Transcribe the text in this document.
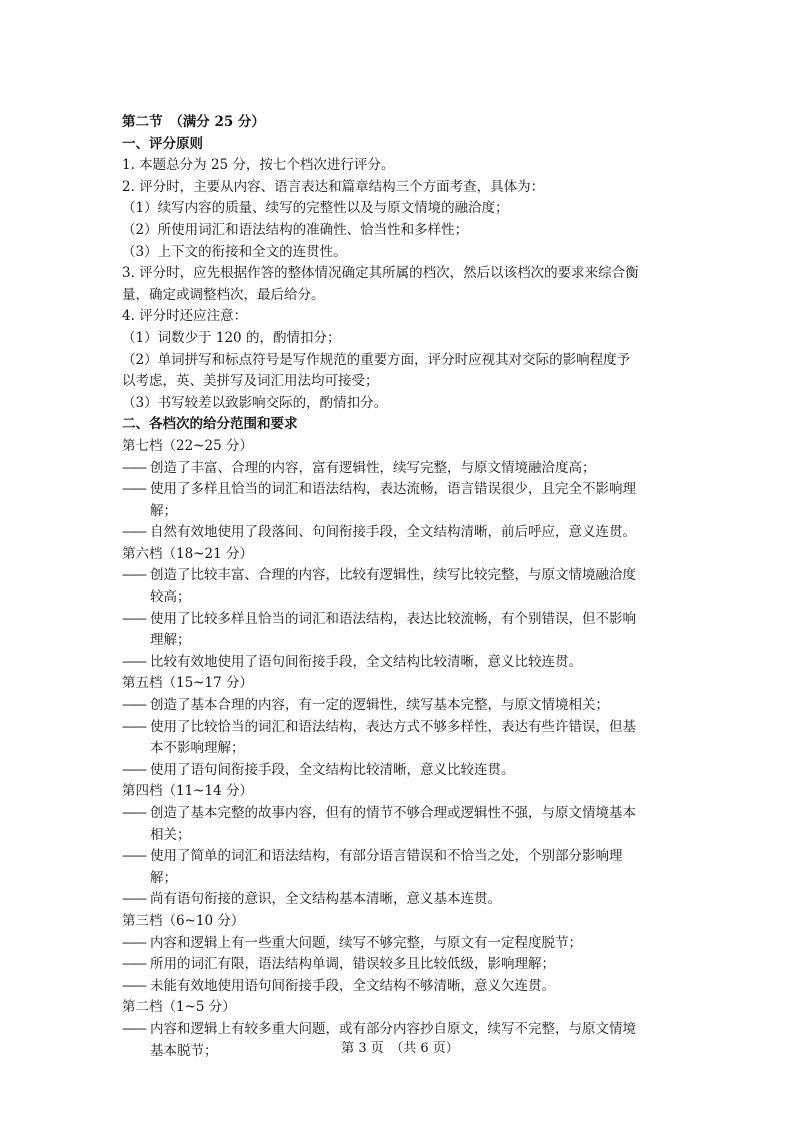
第二节　（满分 25 分）
一、评分原则
1. 本题总分为 25 分，按七个档次进行评分。
2. 评分时，主要从内容、语言表达和篇章结构三个方面考查，具体为：
（1）续写内容的质量、续写的完整性以及与原文情境的融洽度；
（2）所使用词汇和语法结构的准确性、恰当性和多样性；
（3）上下文的衔接和全文的连贯性。
3. 评分时，应先根据作答的整体情况确定其所属的档次，然后以该档次的要求来综合衡量，确定或调整档次，最后给分。
4. 评分时还应注意：
（1）词数少于 120 的，酌情扣分；
（2）单词拼写和标点符号是写作规范的重要方面，评分时应视其对交际的影响程度予以考虑，英、美拼写及词汇用法均可接受；
（3）书写较差以致影响交际的，酌情扣分。
二、各档次的给分范围和要求
第七档（22~25 分）
—— 创造了丰富、合理的内容，富有逻辑性，续写完整，与原文情境融洽度高；
—— 使用了多样且恰当的词汇和语法结构，表达流畅，语言错误很少，且完全不影响理解；
—— 自然有效地使用了段落间、句间衔接手段，全文结构清晰，前后呼应，意义连贯。
第六档（18~21 分）
—— 创造了比较丰富、合理的内容，比较有逻辑性，续写比较完整，与原文情境融洽度较高；
—— 使用了比较多样且恰当的词汇和语法结构，表达比较流畅，有个别错误，但不影响理解；
—— 比较有效地使用了语句间衔接手段，全文结构比较清晰，意义比较连贯。
第五档（15~17 分）
—— 创造了基本合理的内容，有一定的逻辑性，续写基本完整，与原文情境相关；
—— 使用了比较恰当的词汇和语法结构，表达方式不够多样性，表达有些许错误，但基本不影响理解；
—— 使用了语句间衔接手段，全文结构比较清晰，意义比较连贯。
第四档（11~14 分）
—— 创造了基本完整的故事内容，但有的情节不够合理或逻辑性不强，与原文情境基本相关；
—— 使用了简单的词汇和语法结构，有部分语言错误和不恰当之处，个别部分影响理解；
—— 尚有语句衔接的意识，全文结构基本清晰，意义基本连贯。
第三档（6~10 分）
—— 内容和逻辑上有一些重大问题，续写不够完整，与原文有一定程度脱节；
—— 所用的词汇有限，语法结构单调，错误较多且比较低级，影响理解；
—— 未能有效地使用语句间衔接手段，全文结构不够清晰，意义欠连贯。
第二档（1~5 分）
—— 内容和逻辑上有较多重大问题，或有部分内容抄自原文，续写不完整，与原文情境基本脱节；	第 3 页　（共 6 页）
